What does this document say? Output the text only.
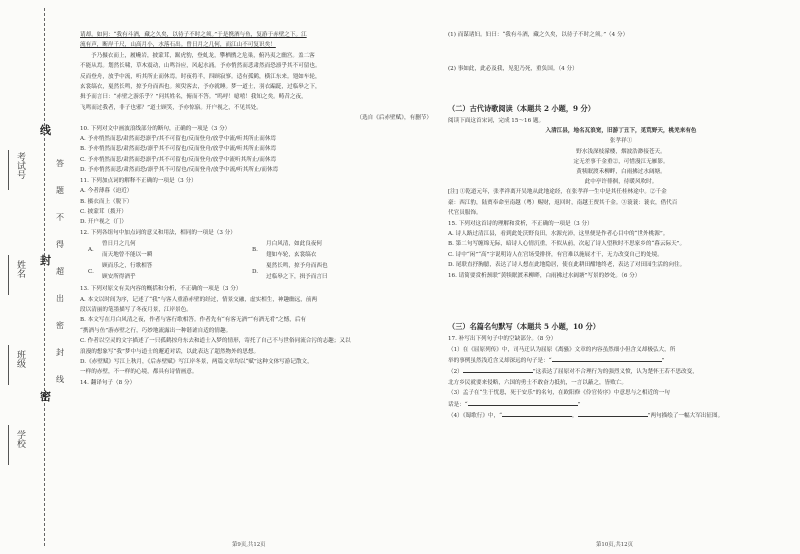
考试号
姓名
班级
学校
线
封
密
答
题
不
得
超
出
密
封
线

请却。如问：“我有斗酒，藏之久矣，以待子不时之须。”于是携酒与鱼，复游于赤壁之下。江

流有声，断岸千尺，山高月小，水落石出。曾日月之几何，而江山不可复识矣！

予乃摄衣而上，履巉岩，披蒙茸，踞虎豹，登虬龙，攀栖鹘之危巢，俯冯夷之幽宫。盖二客

不能从焉。划然长啸，草木震动，山鸣谷应，风起水涌。予亦悄然而悲肃然而恐凛乎其不可留也。

反而登舟，放乎中流，听其所止而休焉。时夜将半，四顾寂寥。适有孤鹤，横江东来。翅如车轮，

玄裳缟衣，戛然长鸣，掠予舟而西也。须臾客去，予亦就睡。梦一道士，羽衣蹁跹，过临皋之下，

揖予而言曰：“赤壁之游乐乎？”问其姓名，俯而不答。“呜呼！噫嘻！我知之矣。畴昔之夜，

飞鸣而过我者，非子也邪？”道士顾笑，予亦惊寤。开户视之，不见其处。

（选自《后赤壁赋》，有删节）

10. 下列对文中画波浪线部分的断句，正确的一项是（3 分）

A. 予亦悄然而悲/肃然而恐凛乎/其不可留也/反而登舟/放乎中流/听其所止而休焉

B. 予亦悄然而悲/肃然而恐/凛乎其不可留也/反而登舟/放乎中流/听其所止而休焉

C. 予亦悄然而悲/肃然而恐凛乎/其不可留也/反而登舟/放乎中流听其所止/而休焉

D. 予亦悄然而悲/肃然而恐/凛乎其不可留也/反而登舟/放乎中流/听其所止/而休焉

11. 下列加点词的解释不正确的一项是（3 分）

A. 今者薄暮（迫近）

B. 摄衣而上（脱下）

C. 披蒙茸（拨开）

D. 开户视之（门）

12. 下列各组句中加点词的意义和用法，相同的一项是（3 分）

A.
曾日月之几何
而天地曾不能以一瞬
B.
月白风清，如此良夜何
翅如车轮，玄裳缟衣
C.
顾而乐之，行歌相答
顾安所得酒乎
D.
戛然长鸣，掠予舟而西也
过临皋之下，揖予而言曰

13. 下列对原文有关内容的概括和分析，不正确的一项是（3 分）

A. 本文以时间为序，记述了“我”与客人重游赤壁的经过，情景交融，虚实相生，神趣幽远，前两

段以清丽的笔墨描写了冬夜月景，江岸景色。

B. 本文写在月白风清之夜，作者与客行歌相答。作者先有“有客无酒”“有酒无肴”之憾，后有

“携酒与鱼”游赤壁之行，巧妙地流露出一种谐谑自适的情趣。

C. 作者以空灵的文字描述了一只孤鹤掠舟东去和道士入梦的情形，寄托了自己不与世俗同流合污的志趣；又以

浪漫的想象写“我”梦中与道士的邂逅对话，以此表达了超然物外的思想。

D.《赤壁赋》写江上秋月，《后赤壁赋》写江岸冬景，两篇文章均以“赋”这种文体写游记散文，

一样的赤壁，不一样的心境，都具有诗情画意。

14. 翻译句子（8 分）

(1) 而谋诸妇。妇曰：“我有斗酒，藏之久矣，以待子不时之须。”（4 分）

(2) 事如此，此必及我，见犯乃死，重负国。（4 分）

（二）古代诗歌阅读（本题共 2 小题，9 分）

阅读下面这首宋词，完成 15～16 题。

入清江县，地名瓦浪宽，旧游丁丑下，觅荒野天，桃羌来有色

张孝祥①

野水浅深枝濛楼，烟波浩渺接苍天。

定无差事千金重②，可惜漫江无雁影。

黄犊眠渡禾柳畔，白雨拂过水阔塘。

此中亭许徘徊，待暖风吹时。

[注] ①乾道元年，张孝祥离开吴地从此地途经，在张孝祥一生中是其任桂林途中。②千金

豪：西江豹，陆贾奉命至南越（粤）赐财，返回时，南越王贾其千金。③蓑蓑：蓑衣，借代百

代官员服饰。

15. 下列对这首诗的理解和赏析，不正确的一项是（3 分）

A. 诗人路过清江县，看到此处沃野良田，水源充沛，这里便是作者心目中的“世外桃源”。

B. 第二句写缠绵无际，暗诗人心情沉重，不似从前，次起了诗人望秋时不思家乡的“暮云际天”。

C. 诗中“闲”“高”字说明诗人在官场受排挤，有官难以施展才干，无力改变自己的处境。

D. 尾联直抒胸臆，表达了诗人想在此地隐居，使在此耕田酣地终老，表达了对田园生活的向往。

16. 请简要赏析颈联“黄犊眠渡禾柳畔，白雨拂过水阔塘”写景的妙处。（6 分）

（三）名篇名句默写（本题共 5 小题，10 分）

17. 补写出下列句子中的空缺部分。（8 分）

（1）在《屈原列传》中，司马迁认为屈原《离骚》文章的内容虽然细小但含义却极弘大，所

举的事例虽然浅近含义却深远的句子是：“	”

（2）	”这表达了屈原对不合理行为的强烈义愤，认为楚怀王若不思改变，

北方乡民就要来侵略，六国的勇士不敢奋力抵抗，一言以蔽之，皆败亡。

（3）孟子在“生于忧患，死于安乐”的名句，在欧阳修《伶官传序》中意思与之相近的一句

话是：“	”

（4）《蜀歌行》中，“	，	”两句描绘了一幅大军出征图。

第9页,共12页	第10页,共12页
